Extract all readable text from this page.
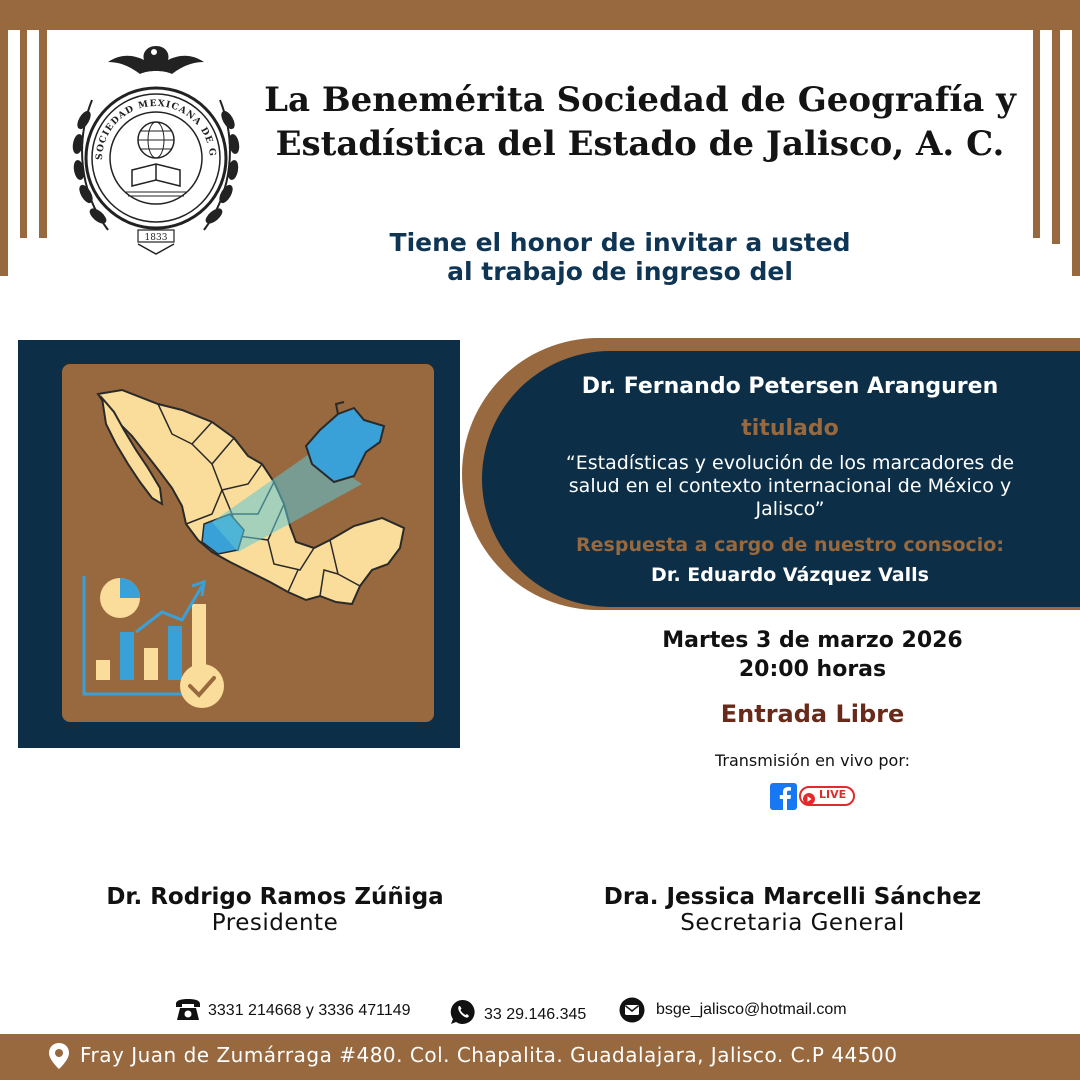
SOCIEDAD MEXICANA DE G
1833
La Benemérita Sociedad de Geografía y
Estadística del Estado de Jalisco, A. C.
Tiene el honor de invitar a usted
al trabajo de ingreso del
Dr. Fernando Petersen Aranguren
titulado
“Estadísticas y evolución de los marcadores de
salud en el contexto internacional de México y
Jalisco”
Respuesta a cargo de nuestro consocio:
Dr. Eduardo Vázquez Valls
Martes 3 de marzo 2026
20:00 horas
Entrada Libre
Transmisión en vivo por:
LIVE
Dr. Rodrigo Ramos Zúñiga
Presidente
Dra. Jessica Marcelli Sánchez
Secretaria General
3331 214668 y 3336 471149	33 29.146.345	bsge_jalisco@hotmail.com
Fray Juan de Zumárraga #480. Col. Chapalita. Guadalajara, Jalisco. C.P 44500
